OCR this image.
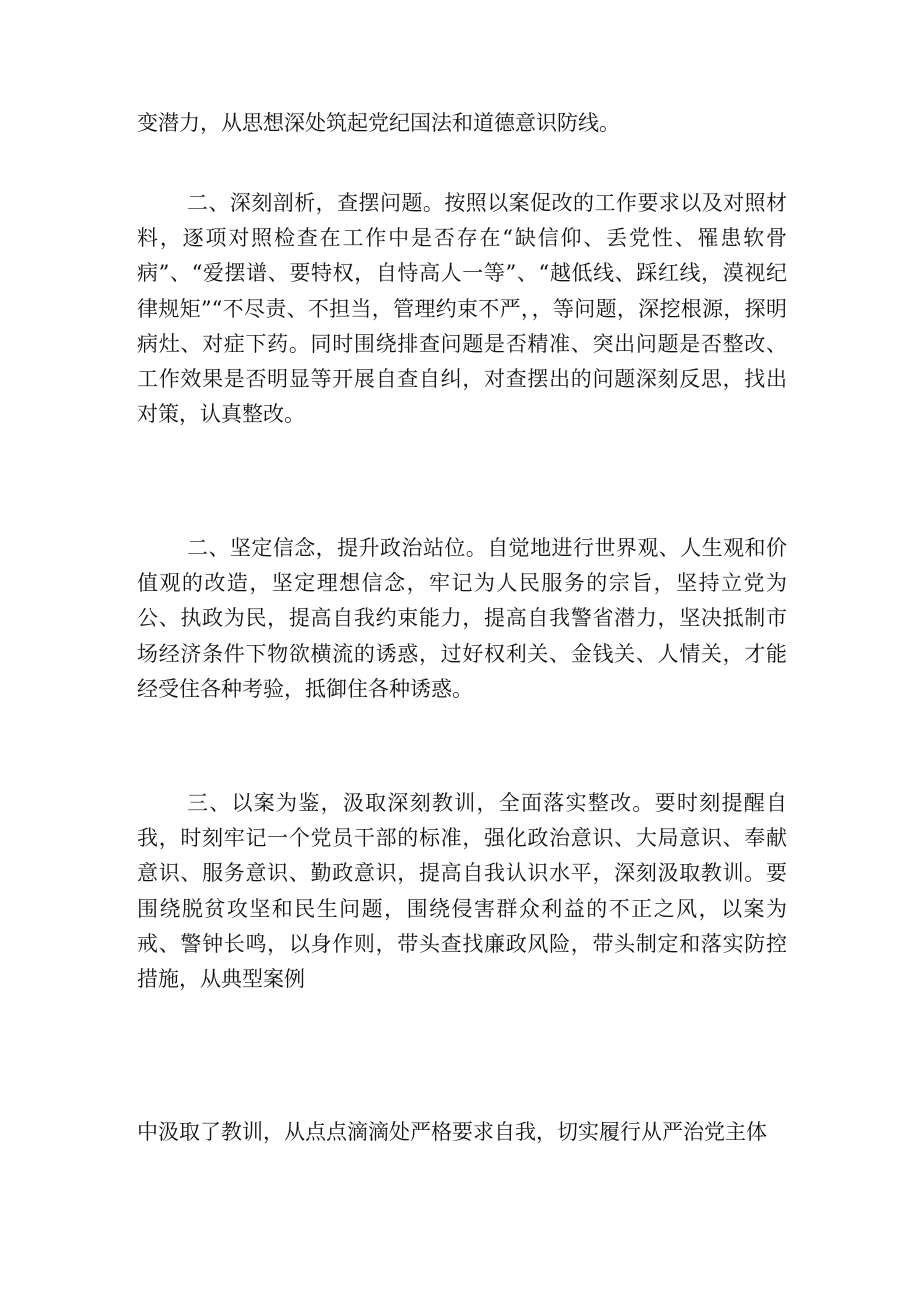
变潜力，从思想深处筑起党纪国法和道德意识防线。

二、深刻剖析，查摆问题。按照以案促改的工作要求以及对照材料，逐项对照检查在工作中是否存在“缺信仰、丢党性、罹患软骨病”、“爱摆谱、要特权，自恃高人一等”、“越低线、踩红线，漠视纪律规矩”“不尽责、不担当，管理约束不严，，等问题，深挖根源，探明病灶、对症下药。同时围绕排查问题是否精准、突出问题是否整改、工作效果是否明显等开展自查自纠，对查摆出的问题深刻反思，找出对策，认真整改。

二、坚定信念，提升政治站位。自觉地进行世界观、人生观和价值观的改造，坚定理想信念，牢记为人民服务的宗旨，坚持立党为公、执政为民，提高自我约束能力，提高自我警省潜力，坚决抵制市场经济条件下物欲横流的诱惑，过好权利关、金钱关、人情关，才能经受住各种考验，抵御住各种诱惑。

三、以案为鉴，汲取深刻教训，全面落实整改。要时刻提醒自我，时刻牢记一个党员干部的标准，强化政治意识、大局意识、奉献意识、服务意识、勤政意识，提高自我认识水平，深刻汲取教训。要围绕脱贫攻坚和民生问题，围绕侵害群众利益的不正之风，以案为戒、警钟长鸣，以身作则，带头查找廉政风险，带头制定和落实防控措施，从典型案例

中汲取了教训，从点点滴滴处严格要求自我，切实履行从严治党主体
